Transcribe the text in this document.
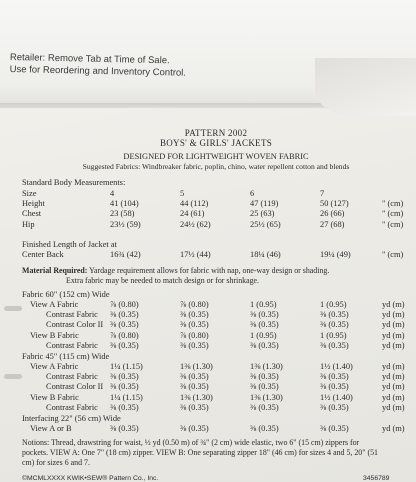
Retailer: Remove Tab at Time of Sale.
Use for Reordering and Inventory Control.
PATTERN 2002
BOYS' & GIRLS' JACKETS
DESIGNED FOR LIGHTWEIGHT WOVEN FABRIC
Suggested Fabrics: Windbreaker fabric, poplin, chino, water repellent cotton and blends
Standard Body Measurements:
Size	4	5	6	7
Height	41 (104)	44 (112)	47 (119)	50 (127)	" (cm)
Chest	23 (58)	24 (61)	25 (63)	26 (66)	" (cm)
Hip	23½ (59)	24½ (62)	25½ (65)	27 (68)	" (cm)
Finished Length of Jacket at
Center Back	16¾ (42)	17½ (44)	18¼ (46)	19¼ (49)	" (cm)
Material Required: Yardage requirement allows for fabric with nap, one-way design or shading.
Extra fabric may be needed to match design or for shrinkage.
Fabric 60" (152 cm) Wide
View A Fabric	⅞ (0.80)	⅞ (0.80)	1 (0.95)	1 (0.95)	yd (m)
Contrast Fabric ⅜ (0.35)	⅜ (0.35)	⅜ (0.35)	⅜ (0.35)	yd (m)
Contrast Color II ⅜ (0.35)	⅜ (0.35)	⅜ (0.35)	⅜ (0.35)	yd (m)
View B Fabric	⅞ (0.80)	⅞ (0.80)	1 (0.95)	1 (0.95)	yd (m)
Contrast Fabric ⅜ (0.35)	⅜ (0.35)	⅜ (0.35)	⅜ (0.35)	yd (m)
Fabric 45" (115 cm) Wide
View A Fabric	1¼ (1.15)	1⅜ (1.30)	1⅜ (1.30)	1½ (1.40)	yd (m)
Contrast Fabric ⅜ (0.35)	⅜ (0.35)	⅜ (0.35)	⅜ (0.35)	yd (m)
Contrast Color II ⅜ (0.35)	⅜ (0.35)	⅜ (0.35)	⅜ (0.35)	yd (m)
View B Fabric	1¼ (1.15)	1⅜ (1.30)	1⅜ (1.30)	1½ (1.40)	yd (m)
Contrast Fabric ⅜ (0.35)	⅜ (0.35)	⅜ (0.35)	⅜ (0.35)	yd (m)
Interfacing 22" (56 cm) Wide
View A or B	⅜ (0.35)	⅜ (0.35)	⅜ (0.35)	⅜ (0.35)	yd (m)
Notions: Thread, drawstring for waist, ½ yd (0.50 m) of ¾" (2 cm) wide elastic, two 6" (15 cm) zippers for
pockets. VIEW A: One 7" (18 cm) zipper. VIEW B: One separating zipper 18" (46 cm) for sizes 4 and 5, 20" (51
cm) for sizes 6 and 7.
©MCMLXXXX KWIK•SEW® Pattern Co., Inc.	3456789
